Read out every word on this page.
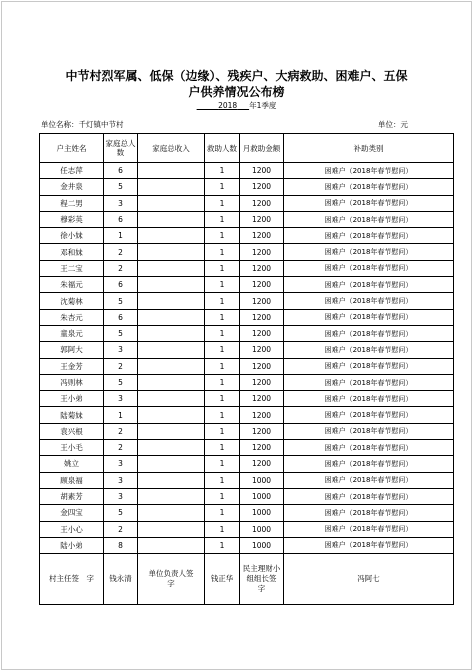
中节村烈军属、低保（边缘）、残疾户、大病救助、困难户、五保
户供养情况公布榜
2018 年1季度
单位名称：千灯镇中节村	单位：元
户主姓名	家庭总人数	家庭总收入	救助人数	月救助金额	补助类别
任志萍	6		1	1200	困难户（2018年春节慰问）
金井泉	5		1	1200	困难户（2018年春节慰问）
程二男	3		1	1200	困难户（2018年春节慰问）
穆彩英	6		1	1200	困难户（2018年春节慰问）
徐小妹	1		1	1200	困难户（2018年春节慰问）
邓和妹	2		1	1200	困难户（2018年春节慰问）
王二宝	2		1	1200	困难户（2018年春节慰问）
朱福元	6		1	1200	困难户（2018年春节慰问）
沈菊林	5		1	1200	困难户（2018年春节慰问）
朱杏元	6		1	1200	困难户（2018年春节慰问）
童泉元	5		1	1200	困难户（2018年春节慰问）
郭阿大	3		1	1200	困难户（2018年春节慰问）
王金芳	2		1	1200	困难户（2018年春节慰问）
冯则林	5		1	1200	困难户（2018年春节慰问）
王小弟	3		1	1200	困难户（2018年春节慰问）
陆菊妹	1		1	1200	困难户（2018年春节慰问）
袁兴根	2		1	1200	困难户（2018年春节慰问）
王小毛	2		1	1200	困难户（2018年春节慰问）
姚立	3		1	1200	困难户（2018年春节慰问）
顾泉福	3		1	1000	困难户（2018年春节慰问）
胡素芳	3		1	1000	困难户（2018年春节慰问）
金四宝	5		1	1000	困难户（2018年春节慰问）
王小心	2		1	1000	困难户（2018年春节慰问）
陆小弟	8		1	1000	困难户（2018年春节慰问）
村主任签　字	钱永清	单位负责人签　　字	钱正华	民主理财小组组长签　字	冯阿七
